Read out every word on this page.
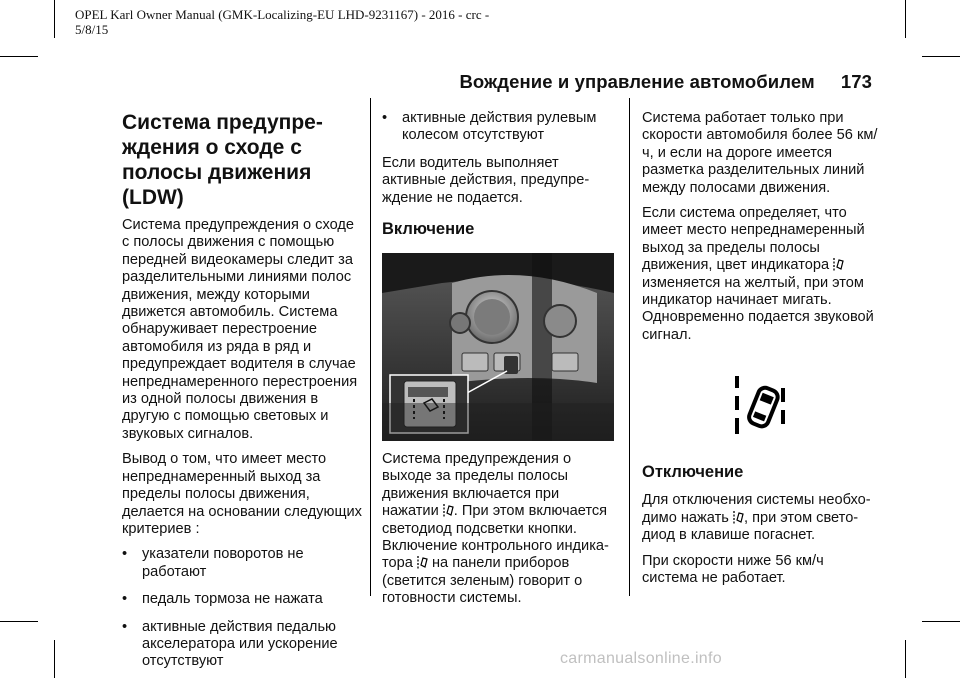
OPEL Karl Owner Manual (GMK-Localizing-EU LHD-9231167) - 2016 - crc -
5/8/15
Вождение и управление автомобилем 173
Система предупре-
ждения о сходе с
полосы движения (LDW)

Система предупреждения о сходе с полосы движения с помощью передней видеокамеры следит за разделительными линиями полос движения, между которыми движется автомобиль. Система обнаруживает перестроение автомобиля из ряда в ряд и предупреждает водителя в случае непреднамеренного перестроения из одной полосы движения в другую с помощью световых и звуковых сигналов.

Вывод о том, что имеет место непреднамеренный выход за пределы полосы движения, делается на основании следующих критериев :

• указатели поворотов не работают
• педаль тормоза не нажата
• активные действия педалью акселератора или ускорение отсутствуют
• активные действия рулевым колесом отсутствуют

Если водитель выполняет активные действия, предупре-ждение не подается.

Включение

Система предупреждения о выходе за пределы полосы движения включается при нажатии . При этом включается светодиод подсветки кнопки. Включение контрольного индика-тора на панели приборов (светится зеленым) говорит о готовности системы.

Система работает только при скорости автомобиля более 56 км/ ч, и если на дороге имеется разметка разделительных линий между полосами движения.

Если система определяет, что имеет место непреднамеренный выход за пределы полосы движения, цвет индикатора  изменяется на желтый, при этом индикатор начинает мигать. Одновременно подается звуковой сигнал.

Отключение

Для отключения системы необхо-димо нажать , при этом свето-диод в клавише погаснет.

При скорости ниже 56 км/ч система не работает.

carmanualsonline.info
